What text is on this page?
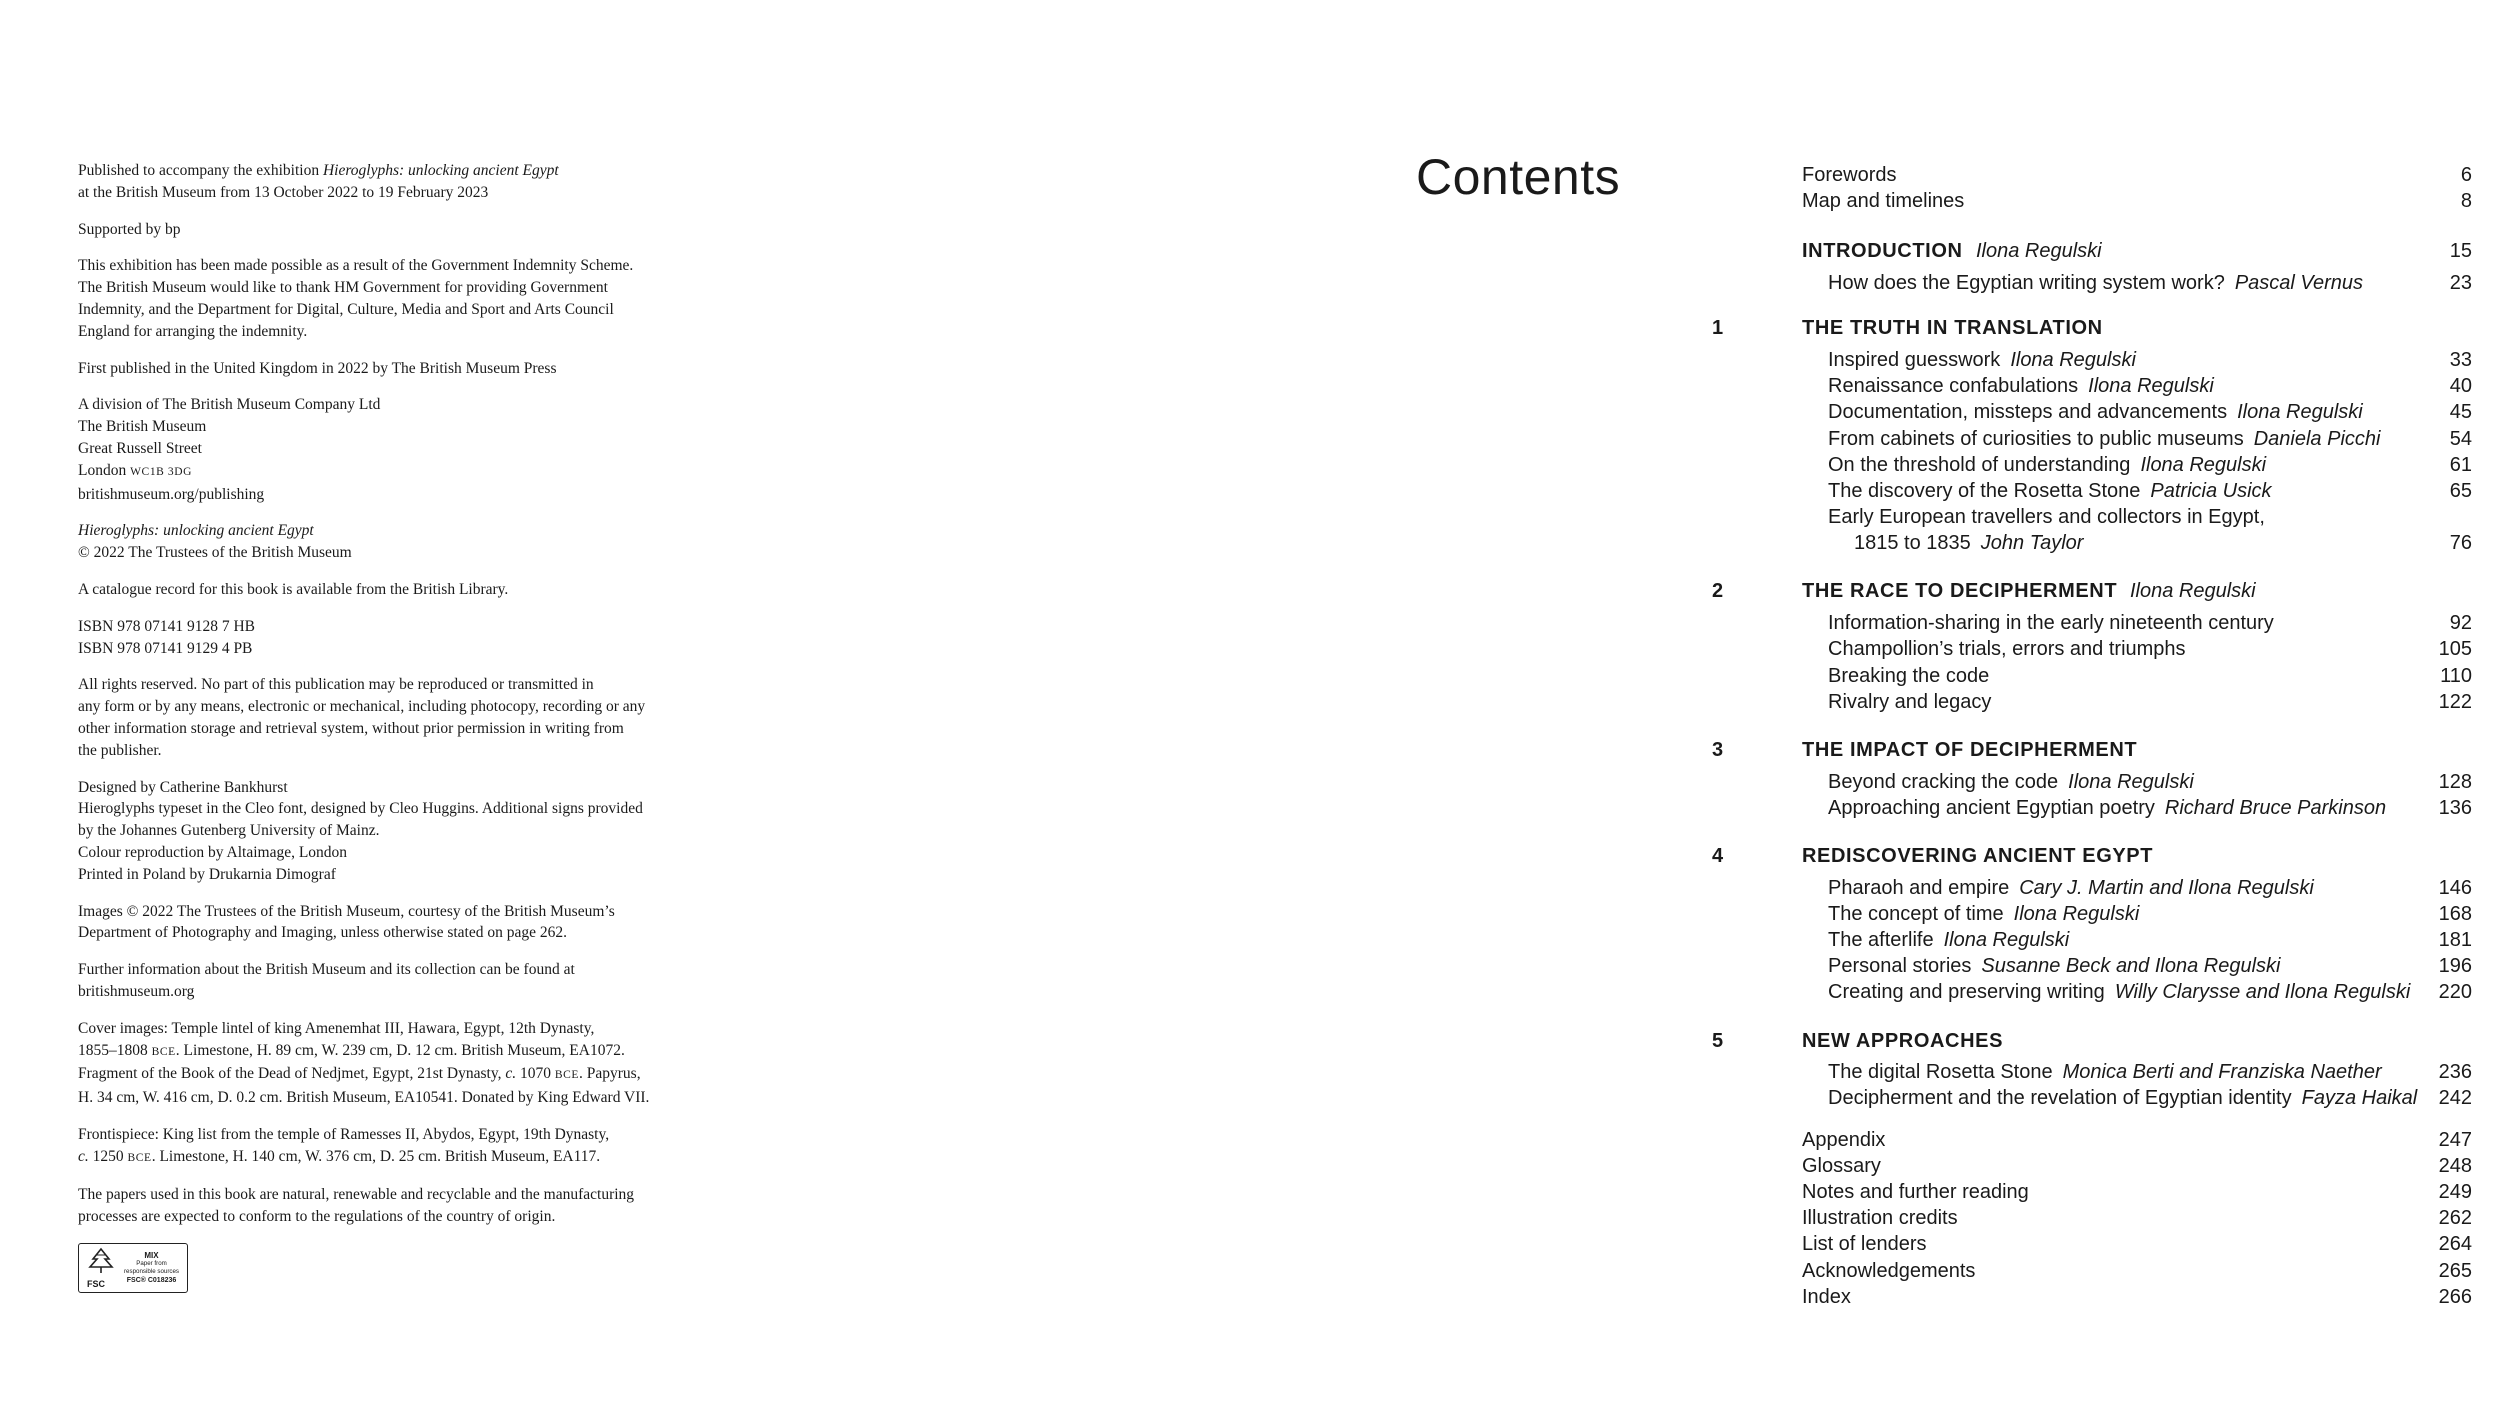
Published to accompany the exhibition Hieroglyphs: unlocking ancient Egypt
at the British Museum from 13 October 2022 to 19 February 2023
Supported by bp
This exhibition has been made possible as a result of the Government Indemnity Scheme.
The British Museum would like to thank HM Government for providing Government
Indemnity, and the Department for Digital, Culture, Media and Sport and Arts Council
England for arranging the indemnity.
First published in the United Kingdom in 2022 by The British Museum Press
A division of The British Museum Company Ltd
The British Museum
Great Russell Street
London WC1B 3DG
britishmuseum.org/publishing
Hieroglyphs: unlocking ancient Egypt
© 2022 The Trustees of the British Museum
A catalogue record for this book is available from the British Library.
ISBN 978 07141 9128 7 HB
ISBN 978 07141 9129 4 PB
All rights reserved. No part of this publication may be reproduced or transmitted in
any form or by any means, electronic or mechanical, including photocopy, recording or any
other information storage and retrieval system, without prior permission in writing from
the publisher.
Designed by Catherine Bankhurst
Hieroglyphs typeset in the Cleo font, designed by Cleo Huggins. Additional signs provided
by the Johannes Gutenberg University of Mainz.
Colour reproduction by Altaimage, London
Printed in Poland by Drukarnia Dimograf
Images © 2022 The Trustees of the British Museum, courtesy of the British Museum’s
Department of Photography and Imaging, unless otherwise stated on page 262.
Further information about the British Museum and its collection can be found at
britishmuseum.org
Cover images: Temple lintel of king Amenemhat III, Hawara, Egypt, 12th Dynasty,
1855–1808 BCE. Limestone, H. 89 cm, W. 239 cm, D. 12 cm. British Museum, EA1072.
Fragment of the Book of the Dead of Nedjmet, Egypt, 21st Dynasty, c. 1070 BCE. Papyrus,
H. 34 cm, W. 416 cm, D. 0.2 cm. British Museum, EA10541. Donated by King Edward VII.
Frontispiece: King list from the temple of Ramesses II, Abydos, Egypt, 19th Dynasty,
c. 1250 BCE. Limestone, H. 140 cm, W. 376 cm, D. 25 cm. British Museum, EA117.
The papers used in this book are natural, renewable and recyclable and the manufacturing
processes are expected to conform to the regulations of the country of origin.
FSC
MIX
Paper from
responsible sources
FSC® C018236
Contents	Forewords	6
Map and timelines	8
INTRODUCTION Ilona Regulski	15
How does the Egyptian writing system work? Pascal Vernus	23
1	THE TRUTH IN TRANSLATION
Inspired guesswork Ilona Regulski	33
Renaissance confabulations Ilona Regulski	40
Documentation, missteps and advancements Ilona Regulski	45
From cabinets of curiosities to public museums Daniela Picchi	54
On the threshold of understanding Ilona Regulski	61
The discovery of the Rosetta Stone Patricia Usick	65
Early European travellers and collectors in Egypt,
1815 to 1835 John Taylor	76
2	THE RACE TO DECIPHERMENT Ilona Regulski
Information-sharing in the early nineteenth century	92
Champollion’s trials, errors and triumphs	105
Breaking the code	110
Rivalry and legacy	122
3	THE IMPACT OF DECIPHERMENT
Beyond cracking the code Ilona Regulski	128
Approaching ancient Egyptian poetry Richard Bruce Parkinson	136
4	REDISCOVERING ANCIENT EGYPT
Pharaoh and empire Cary J. Martin and Ilona Regulski	146
The concept of time Ilona Regulski	168
The afterlife Ilona Regulski	181
Personal stories Susanne Beck and Ilona Regulski	196
Creating and preserving writing Willy Clarysse and Ilona Regulski 220
5	NEW APPROACHES
The digital Rosetta Stone Monica Berti and Franziska Naether	236
Decipherment and the revelation of Egyptian identity Fayza Haikal 242
Appendix	247
Glossary	248
Notes and further reading	249
Illustration credits	262
List of lenders	264
Acknowledgements	265
Index	266
